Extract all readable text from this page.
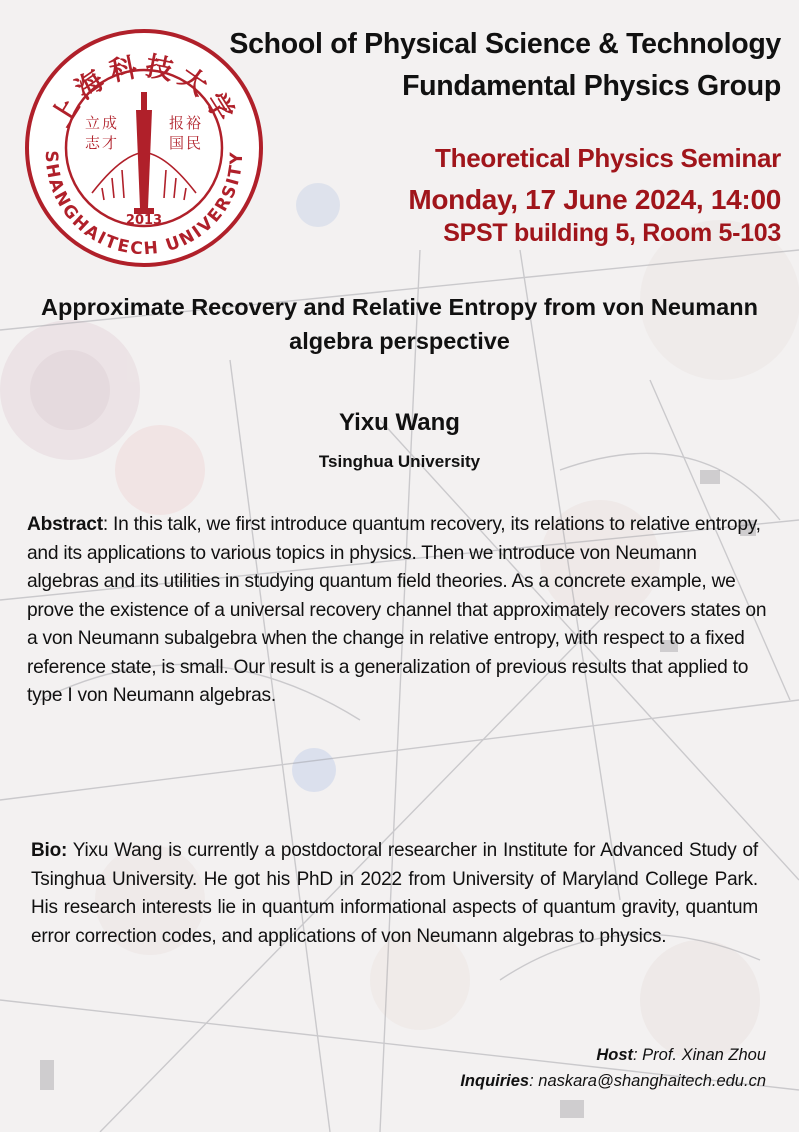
上海科技大学
SHANGHAITECH UNIVERSITY
立成
志才
报裕
国民
2013
School of Physical Science & Technology
Fundamental Physics Group
Theoretical Physics Seminar
Monday, 17 June 2024, 14:00
SPST building 5, Room 5-103
Approximate Recovery and Relative Entropy from von Neumann algebra perspective
Yixu Wang
Tsinghua University
Abstract: In this talk, we first introduce quantum recovery, its relations to relative entropy, and its applications to various topics in physics. Then we introduce von Neumann algebras and its utilities in studying quantum field theories. As a concrete example, we prove the existence of a universal recovery channel that approximately recovers states on a von Neumann subalgebra when the change in relative entropy, with respect to a fixed reference state, is small. Our result is a generalization of previous results that applied to type I von Neumann algebras.
Bio: Yixu Wang is currently a postdoctoral researcher in Institute for Advanced Study of Tsinghua University. He got his PhD in 2022 from University of Maryland College Park. His research interests lie in quantum informational aspects of quantum gravity, quantum error correction codes, and applications of von Neumann algebras to physics.
Host: Prof. Xinan Zhou
Inquiries: naskara@shanghaitech.edu.cn
